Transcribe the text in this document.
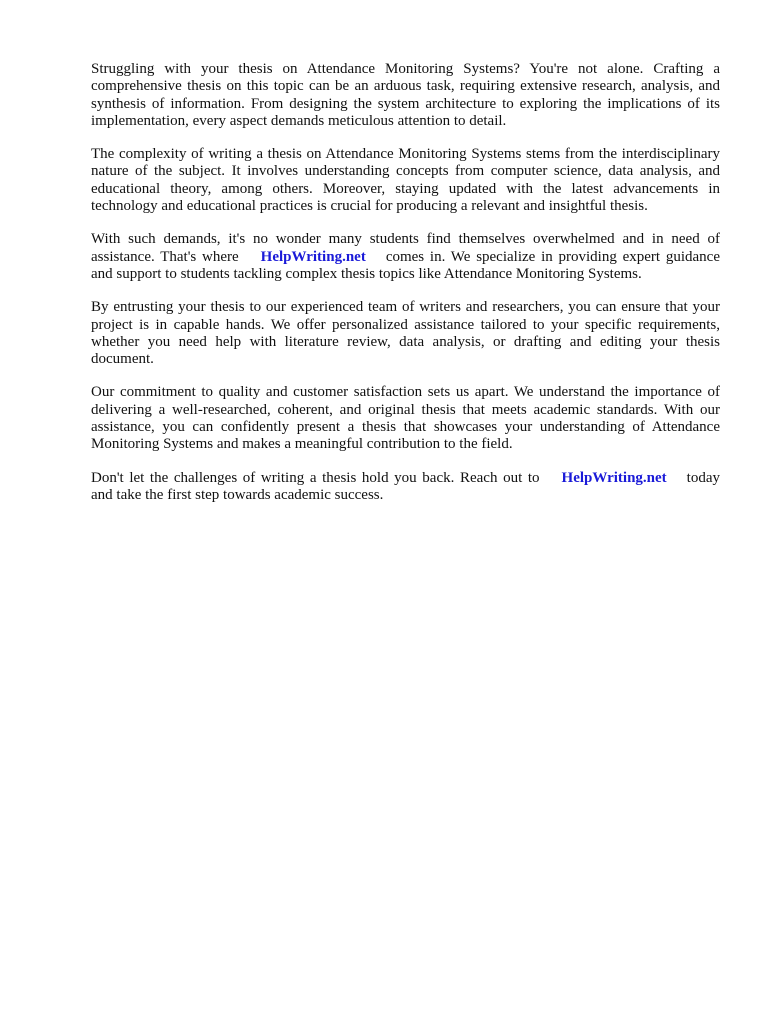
Struggling with your thesis on Attendance Monitoring Systems? You're not alone. Crafting a comprehensive thesis on this topic can be an arduous task, requiring extensive research, analysis, and synthesis of information. From designing the system architecture to exploring the implications of its implementation, every aspect demands meticulous attention to detail.

The complexity of writing a thesis on Attendance Monitoring Systems stems from the interdisciplinary nature of the subject. It involves understanding concepts from computer science, data analysis, and educational theory, among others. Moreover, staying updated with the latest advancements in technology and educational practices is crucial for producing a relevant and insightful thesis.

With such demands, it's no wonder many students find themselves overwhelmed and in need of assistance. That's where HelpWriting.net comes in. We specialize in providing expert guidance and support to students tackling complex thesis topics like Attendance Monitoring Systems.

By entrusting your thesis to our experienced team of writers and researchers, you can ensure that your project is in capable hands. We offer personalized assistance tailored to your specific requirements, whether you need help with literature review, data analysis, or drafting and editing your thesis document.

Our commitment to quality and customer satisfaction sets us apart. We understand the importance of delivering a well-researched, coherent, and original thesis that meets academic standards. With our assistance, you can confidently present a thesis that showcases your understanding of Attendance Monitoring Systems and makes a meaningful contribution to the field.

Don't let the challenges of writing a thesis hold you back. Reach out to HelpWriting.net today and take the first step towards academic success.
